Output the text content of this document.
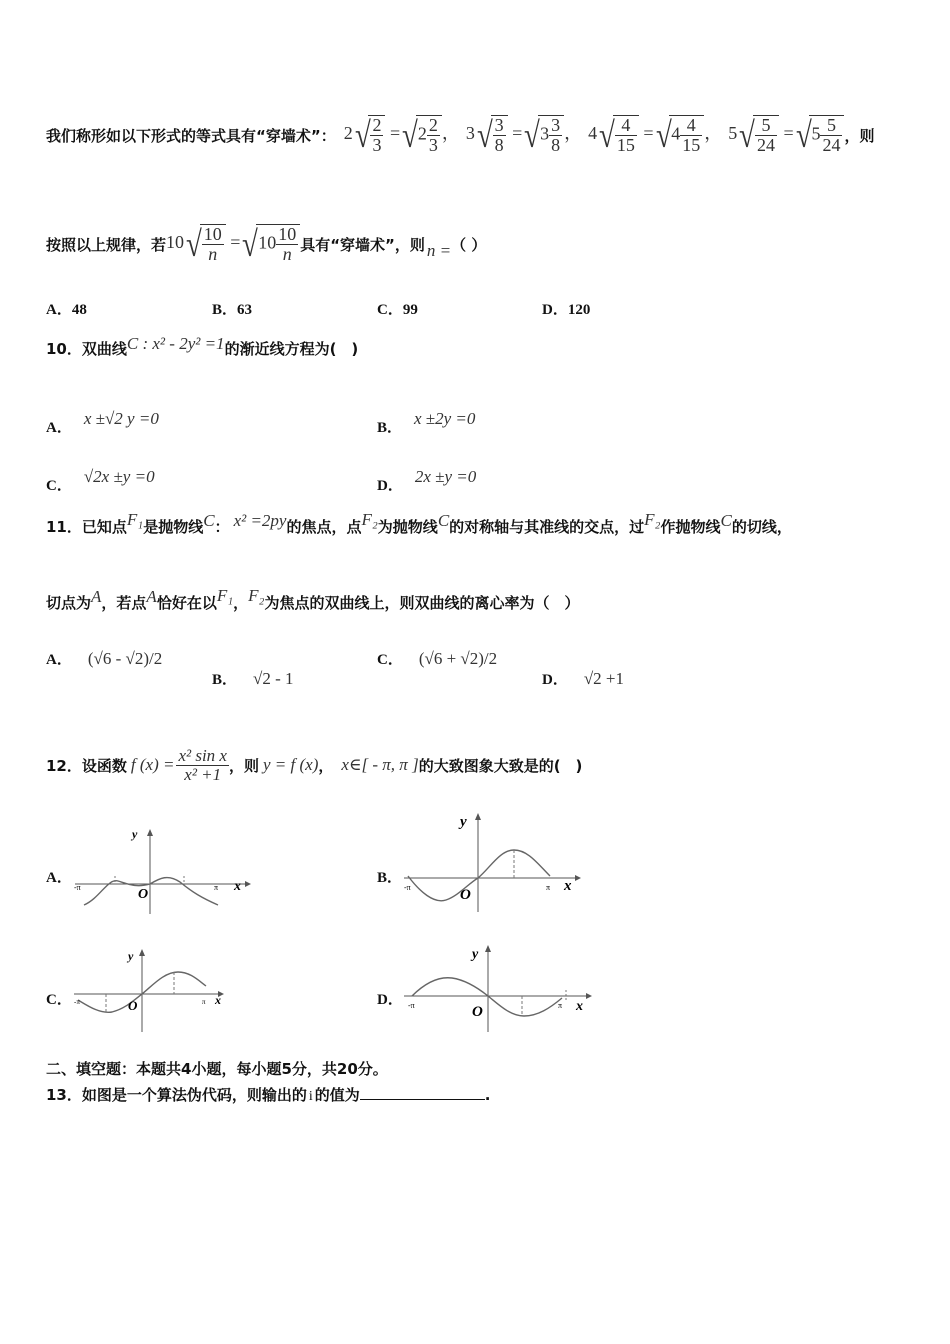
我们称形如以下形式的等式具有“穿墙术”： $2√ \frac{2}{3} =√2 \frac{2}{3}$ ， $3√ \frac{3}{8} =√3 \frac{3}{8}$ ， $4√ \frac{4}{15} =√4 \frac{4}{15}$ ， $5√ \frac{5}{24} =√5 \frac{5}{24}$ ，则
按照以上规律，若 $10√ \frac{10}{n} =√10 \frac{10}{n}$ 具有“穿墙术”，则 n = （ ）
A．48	B．63	C．99	D．120
10． 双曲线 C : x² - 2y² =1 的渐近线方程为(　)
A．
x ±√2 y =0
B．
x ±2y =0
C．
√2x ±y =0
D．
2x ±y =0
11． 已知点 F₁ 是抛物线 C ： x² =2py 的焦点，点 F₂ 为抛物线 C 的对称轴与其准线的交点，过 F₂ 作抛物线 C 的切线，
切点为 A ，若点 A 恰好在以 F₁ ， F₂ 为焦点的双曲线上，则双曲线的离心率为（　）
A． (√6 - √2)/2
B． √2 - 1
C． (√6 + √2)/2
D． √2 +1
12． 设函数 f $(x) = \frac{\text{x² sin x}}{\text{x² +1}}$ ，则 y = f (x) ， x∈[ - π, π ] 的大致图象大致是的(　)
A．	B．
C．	D．
y
O
x
-π	π
y
O
x
-π	π
y
O	x
-π	π
y
O	x
-π	π
二、填空题：本题共4小题，每小题5分，共20分。
13． 如图是一个算法伪代码，则输出的 i 的值为	.
